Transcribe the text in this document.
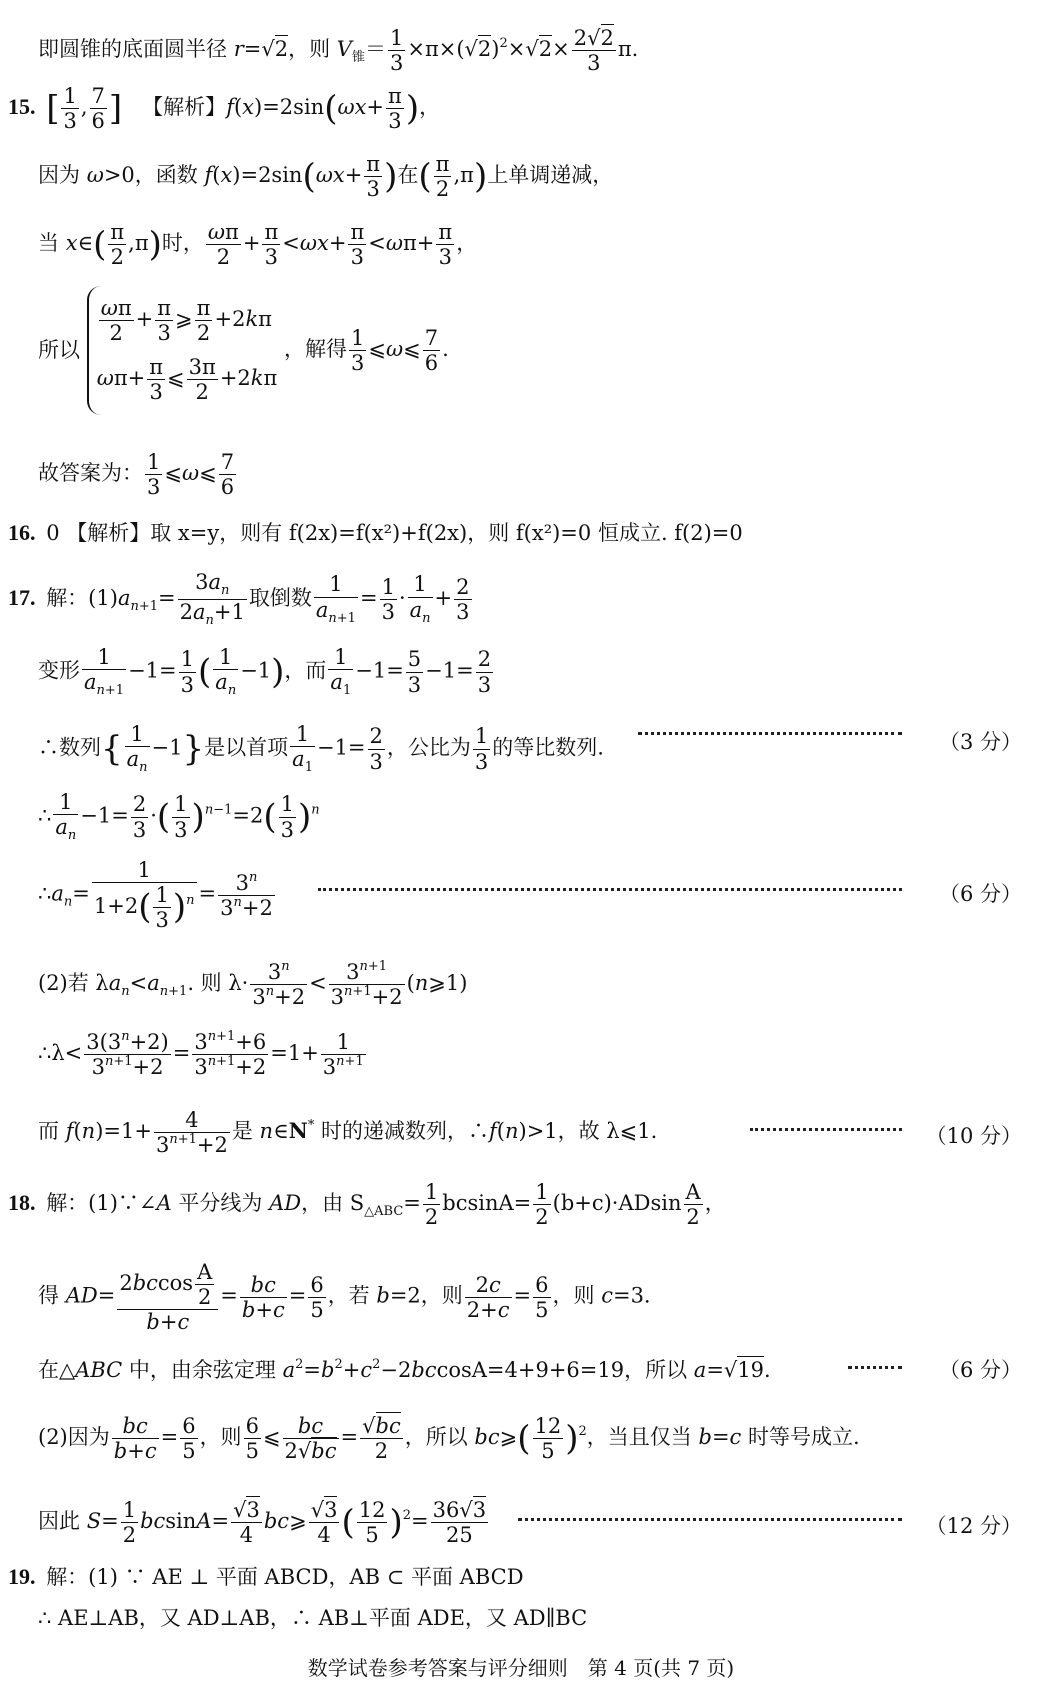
即圆锥的底面圆半径 r=√2，则 $V_锥= \frac{1}{3} \times\pi\times(√2)^2\times√2\times \frac{2√2}{3} \pi$.
15. [ $\frac{1}{3}$ , $\frac{7}{6}$ ]   【解析】$f(x)=2\sin(\omega x+ \frac{\pi}{3}$ )，
因为 ω>0，函数 $f(x)=2\sin(\omega x+ \frac{\pi}{3}$ )在( $\frac{\pi}{2} ,\pi$)上单调递减，
当 x∈( $\frac{\pi}{2} ,\pi$)时， $\frac{\omega\pi}{2} + \frac{\pi}{3} <\omega x+ \frac{\pi}{3} <\omega\pi+ \frac{\pi}{3}$ ，
所以
$\frac{\omega\pi}{2} + \frac{\pi}{3}$ ⩾ $\frac{\pi}{2} +2k\pi$
$\omega\pi+ \frac{\pi}{3}$ ⩽ $\frac{3\pi}{2} +2k\pi$
，解得 $\frac{1}{3}$ ⩽ω⩽ $\frac{7}{6}$ .
故答案为： $\frac{1}{3}$ ⩽ω⩽ $\frac{7}{6}$
16. 0 【解析】取 x=y，则有 f(2x)=f(x²)+f(2x)，则 f(x²)=0 恒成立. f(2)=0
17. 解：$(1)a_{n+1}= \frac{3a_n}{2a_n+1}$ 取倒数 $\frac{1}{a_{n+1}} = \frac{1}{3} \cdot \frac{1}{a_n} + \frac{2}{3}$
变形 $\frac{1}{a_{n+1}} -1= \frac{1}{3}$ ( $\frac{1}{a_n} -1$)，而 $\frac{1}{a_1} -1= \frac{5}{3} -1= \frac{2}{3}$
∴数列{ $\frac{1}{a_n} -1$}是以首项 $\frac{1}{a_1} -1= \frac{2}{3}$ ，公比为 $\frac{1}{3}$ 的等比数列.	（3 分）
∴ $\frac{1}{a_n} -1= \frac{2}{3}$ ·( $\frac{1}{3} )^{n-1}=2( \frac{1}{3} )^n$
$\therefore a_n= \frac{1}{1+2( \frac{1}{3} )^n} = \frac{3^n}{3^n+2}$	（6 分）
(2)若 $\lambda a_n<a_{n+1}$. 则 $\lambda\cdot \frac{3^n}{3^n+2} < \frac{3^{n+1}}{3^{n+1}+2}$ (n⩾1)
∴λ< $\frac{3(3^n+2)}{3^{n+1}+2} = \frac{3^{n+1}+6}{3^{n+1}+2} =1+ \frac{1}{3^{n+1}}$
而 $f(n)=1+ \frac{4}{3^{n+1}+2}$ 是 n∈N* 时的递减数列，∴f(n)>1，故 λ⩽1.	（10 分）
18. 解：(1)∵∠A 平分线为 AD，由 $S_{\triangle ABC}= \frac{1}{2} bcsinA= \frac{1}{2} (b+c)\cdot ADsin \frac{A}{2}$ ，
得 $AD= \frac{2bccos \frac{A}{2}}{b+c} = \frac{bc}{b+c} = \frac{6}{5}$ ，若 b=2，则 $\frac{2c}{2+c} = \frac{6}{5}$ ，则 c=3.
在△ABC 中，由余弦定理 $a^2=b^2+c^2-2bccosA=4+9+6=19$，所以 a=√19.	（6 分）
(2)因为 $\frac{bc}{b+c} = \frac{6}{5}$ ，则 $\frac{6}{5}$ ⩽ $\frac{bc}{2√bc} = \frac{√bc}{2}$ ，所以 bc⩾( $\frac{12}{5} )^2$，当且仅当 b=c 时等号成立.
因此 $S= \frac{1}{2} bcsinA= \frac{√3}{4}$ bc⩾ $\frac{√3}{4}$ ( $\frac{12}{5} )^2= \frac{36√3}{25}$	（12 分）
19. 解：(1) ∵ AE ⊥ 平面 ABCD，AB ⊂ 平面 ABCD
∴ AE⊥AB，又 AD⊥AB，∴ AB⊥平面 ADE，又 AD∥BC
数学试卷参考答案与评分细则　第 4 页(共 7 页)
